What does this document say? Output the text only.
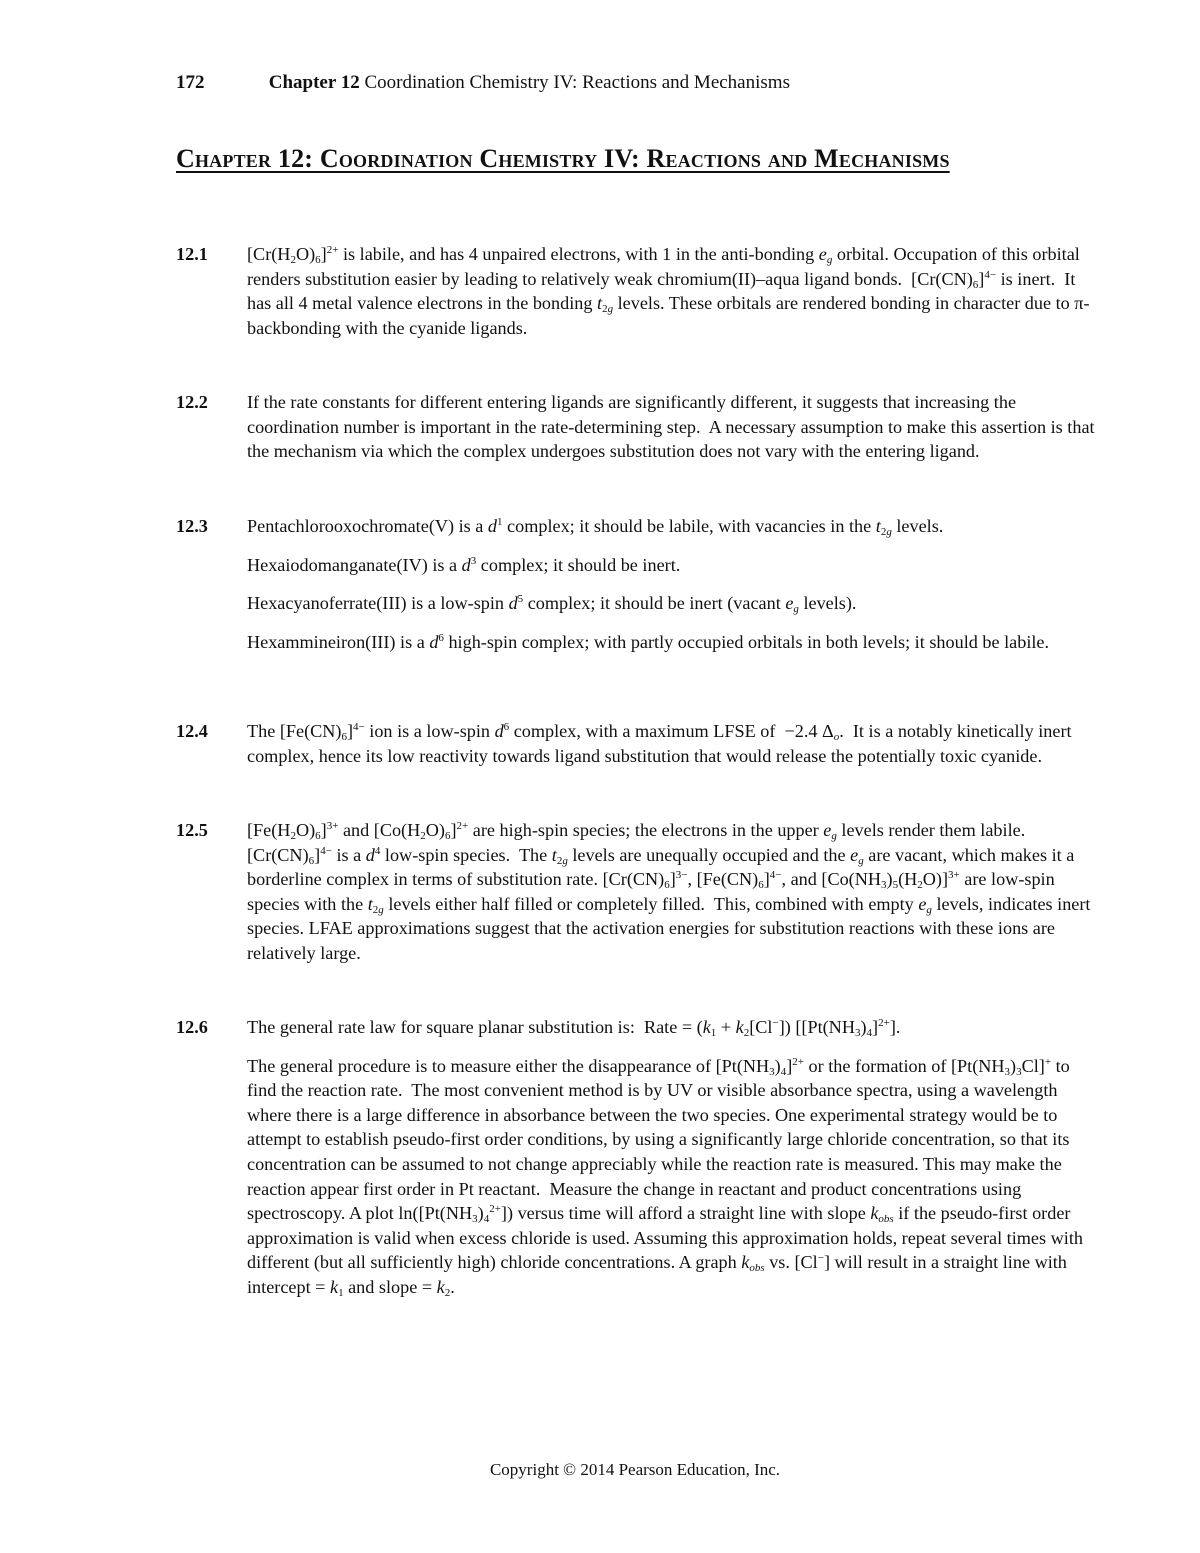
172	Chapter 12 Coordination Chemistry IV: Reactions and Mechanisms
Chapter 12: Coordination Chemistry IV: Reactions and Mechanisms
12.1 $[Cr(H_2O)_6]^{2+}$ is labile, and has 4 unpaired electrons, with 1 in the anti-bonding $e_g$ orbital. Occupation of this orbital renders substitution easier by leading to relatively weak chromium(II)–aqua ligand bonds.  $[Cr(CN)_6]^{4-}$ is inert.  It has all 4 metal valence electrons in the bonding $t_{2g}$ levels. These orbitals are rendered bonding in character due to π-backbonding with the cyanide ligands.

12.2 If the rate constants for different entering ligands are significantly different, it suggests that increasing the coordination number is important in the rate-determining step.  A necessary assumption to make this assertion is that the mechanism via which the complex undergoes substitution does not vary with the entering ligand.

12.3 Pentachlorooxochromate(V) is a $d^1$ complex; it should be labile, with vacancies in the $t_{2g}$ levels.

Hexaiodomanganate(IV) is a $d^3$ complex; it should be inert.

Hexacyanoferrate(III) is a low-spin $d^5$ complex; it should be inert (vacant $e_g$ levels).

Hexammineiron(III) is a $d^6$ high-spin complex; with partly occupied orbitals in both levels; it should be labile.

12.4 The $[Fe(CN)_6]^{4-}$ ion is a low-spin $d^6$ complex, with a maximum LFSE of  −2.4 $\Delta_o$.  It is a notably kinetically inert complex, hence its low reactivity towards ligand substitution that would release the potentially toxic cyanide.

12.5 $[Fe(H_2O)_6]^{3+}$ and $[Co(H_2O)_6]^{2+}$ are high-spin species; the electrons in the upper $e_g$ levels render them labile.  $[Cr(CN)_6]^{4-}$ is a $d^4$ low-spin species.  The $t_{2g}$ levels are unequally occupied and the $e_g$ are vacant, which makes it a borderline complex in terms of substitution rate. $[Cr(CN)_6]^{3-}$, $[Fe(CN)_6]^{4-}$, and $[Co(NH_3)_5(H_2O)]^{3+}$ are low-spin species with the $t_{2g}$ levels either half filled or completely filled.  This, combined with empty $e_g$ levels, indicates inert species. LFAE approximations suggest that the activation energies for substitution reactions with these ions are relatively large.

12.6 The general rate law for square planar substitution is:  Rate = $(k_1 + k_2[Cl^-])$ $[[Pt(NH_3)_4]^{2+}]$.

The general procedure is to measure either the disappearance of $[Pt(NH_3)_4]^{2+}$ or the formation of $[Pt(NH_3)_3Cl]^+$ to find the reaction rate.  The most convenient method is by UV or visible absorbance spectra, using a wavelength where there is a large difference in absorbance between the two species. One experimental strategy would be to attempt to establish pseudo-first order conditions, by using a significantly large chloride concentration, so that its concentration can be assumed to not change appreciably while the reaction rate is measured. This may make the reaction appear first order in Pt reactant.  Measure the change in reactant and product concentrations using spectroscopy. A plot $\ln([Pt(NH_3)_4^{2+}])$ versus time will afford a straight line with slope $k_{obs}$ if the pseudo-first order approximation is valid when excess chloride is used. Assuming this approximation holds, repeat several times with different (but all sufficiently high) chloride concentrations. A graph $k_{obs}$ vs. [Cl−] will result in a straight line with intercept = $k_1$ and slope = $k_2$.

Copyright © 2014 Pearson Education, Inc.
